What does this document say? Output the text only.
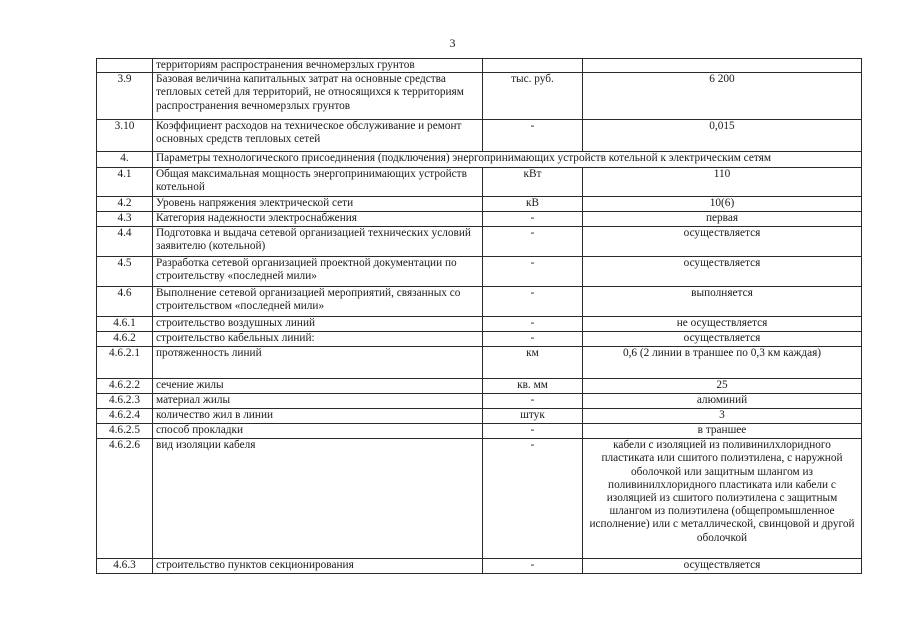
3
	территориям распространения вечномерзлых грунтов		
3.9	Базовая величина капитальных затрат на основные средства тепловых сетей для территорий, не относящихся к территориям распространения вечномерзлых грунтов	тыс. руб.	6 200
3.10	Коэффициент расходов на техническое обслуживание и ремонт основных средств тепловых сетей	-	0,015
4.	Параметры технологического присоединения (подключения) энергопринимающих устройств котельной к электрическим сетям		
4.1	Общая максимальная мощность энергопринимающих устройств котельной	кВт	110
4.2	Уровень напряжения электрической сети	кВ	10(6)
4.3	Категория надежности электроснабжения	-	первая
4.4	Подготовка и выдача сетевой организацией технических условий заявителю (котельной)	-	осуществляется
4.5	Разработка сетевой организацией проектной документации по строительству «последней мили»	-	осуществляется
4.6	Выполнение сетевой организацией мероприятий, связанных со строительством «последней мили»	-	выполняется
4.6.1	строительство воздушных линий	-	не осуществляется
4.6.2	строительство кабельных линий:	-	осуществляется
4.6.2.1	протяженность линий	км	0,6 (2 линии в траншее по 0,3 км каждая)
4.6.2.2	сечение жилы	кв. мм	25
4.6.2.3	материал жилы	-	алюминий
4.6.2.4	количество жил в линии	штук	3
4.6.2.5	способ прокладки	-	в траншее
4.6.2.6	вид изоляции кабеля	-	кабели с изоляцией из поливинилхлоридного пластиката или сшитого полиэтилена, с наружной оболочкой или защитным шлангом из поливинилхлоридного пластиката или кабели с изоляцией из сшитого полиэтилена с защитным шлангом из полиэтилена (общепромышленное исполнение) или с металлической, свинцовой и другой оболочкой
4.6.3	строительство пунктов секционирования	-	осуществляется
